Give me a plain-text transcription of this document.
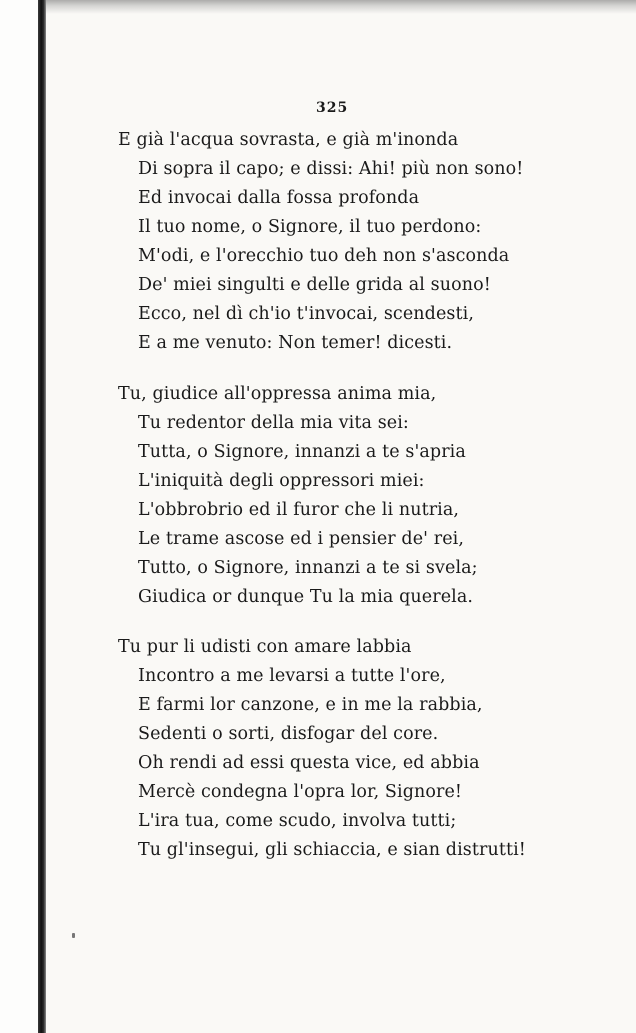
325
E già l'acqua sovrasta, e già m'inonda
Di sopra il capo; e dissi: Ahi! più non sono!
Ed invocai dalla fossa profonda
Il tuo nome, o Signore, il tuo perdono:
M'odi, e l'orecchio tuo deh non s'asconda
De' miei singulti e delle grida al suono!
Ecco, nel dì ch'io t'invocai, scendesti,
E a me venuto: Non temer! dicesti.
Tu, giudice all'oppressa anima mia,
Tu redentor della mia vita sei:
Tutta, o Signore, innanzi a te s'apria
L'iniquità degli oppressori miei:
L'obbrobrio ed il furor che li nutria,
Le trame ascose ed i pensier de' rei,
Tutto, o Signore, innanzi a te si svela;
Giudica or dunque Tu la mia querela.
Tu pur li udisti con amare labbia
Incontro a me levarsi a tutte l'ore,
E farmi lor canzone, e in me la rabbia,
Sedenti o sorti, disfogar del core.
Oh rendi ad essi questa vice, ed abbia
Mercè condegna l'opra lor, Signore!
L'ira tua, come scudo, involva tutti;
Tu gl'insegui, gli schiaccia, e sian distrutti!
